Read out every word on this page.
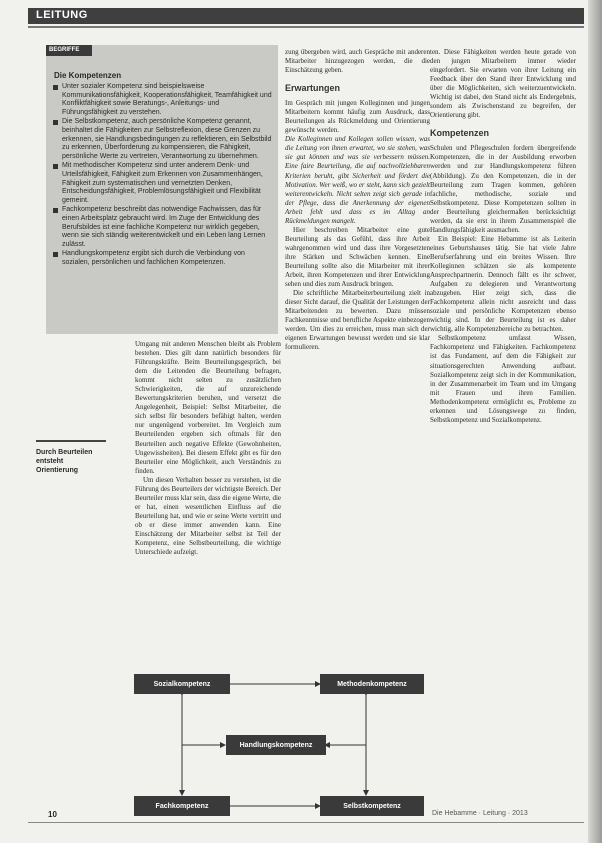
LEITUNG
BEGRIFFE
Die Kompetenzen
Unter sozialer Kompetenz sind beispielsweise Kommunikationsfähigkeit, Kooperationsfähigkeit, Teamfähigkeit und Konfliktfähigkeit sowie Beratungs-, Anleitungs- und Führungsfähigkeit zu verstehen.
Die Selbstkompetenz, auch persönliche Kompetenz genannt, beinhaltet die Fähigkeiten zur Selbstreflexion, diese Grenzen zu erkennen, sie Handlungsbedingungen zu reflektieren, ein Selbstbild zu erkennen, Überforderung zu kompensieren, die Fähigkeit, persönliche Werte zu vertreten, Verantwortung zu übernehmen.
Mit methodischer Kompetenz sind unter anderem Denk- und Urteilsfähigkeit, Fähigkeit zum Erkennen von Zusammenhängen, Fähigkeit zum systematischen und vernetzten Denken, Entscheidungsfähigkeit, Problemlösungsfähigkeit und Flexibilität gemeint.
Fachkompetenz beschreibt das notwendige Fachwissen, das für einen Arbeitsplatz gebraucht wird. Im Zuge der Entwicklung des Berufsbildes ist eine fachliche Kompetenz nur wirklich gegeben, wenn sie sich ständig weiterentwickelt und ein Leben lang Lernen zulässt.
Handlungskompetenz ergibt sich durch die Verbindung von sozialen, persönlichen und fachlichen Kompetenzen.
Durch Beurteilen entsteht Orientierung

Umgang mit anderen Menschen bleibt als Problem bestehen. Dies gilt dann natürlich besonders für Führungskräfte. Beim Beurteilungsgespräch, bei dem die Leitenden die Beurteilung befragen, kommt nicht selten zu zusätzlichen Schwierigkeiten, die auf unzureichende Bewertungskriterien beruhen, und versetzt die Angelegenheit, Beispiel: Selbst Mitarbeiter, die sich selbst für besonders befähigt halten, werden nur ungenügend vorbereitet. Im Vergleich zum Beurteilenden ergeben sich oftmals für den Beurteilten auch negative Effekte (Gewohnheiten, Ungewissheiten). Bei diesem Effekt gibt es für den Beurteiler eine Möglichkeit, auch Verständnis zu finden.

Um diesen Verhalten besser zu verstehen, ist die Führung des Beurteilers der wichtigste Bereich. Der Beurteiler muss klar sein, dass die eigene Werte, die er hat, einen wesentlichen Einfluss auf die Beurteilung hat, und wie er seine Werte vertritt und ob er diese immer anwenden kann. Eine Einschätzung der Mitarbeiter selbst ist Teil der Kompetenz, eine Selbstbeurteilung, die wichtige Unterschiede aufzeigt.

zung übergeben wird, auch Gespräche mit anderen Mitarbeiter hinzugezogen werden, die die Einschätzung geben.

Erwartungen

Im Gespräch mit jungen Kolleginnen und jungen Mitarbeitern kommt häufig zum Ausdruck, dass Beurteilungen als Rückmeldung und Orientierung gewünscht werden.

Die Kolleginnen und Kollegen sollen wissen, was die Leitung von ihnen erwartet, wo sie stehen, was sie gut können und was sie verbessern müssen. Eine faire Beurteilung, die auf nachvollziehbaren Kriterien beruht, gibt Sicherheit und fördert die Motivation. Wer weiß, wo er steht, kann sich gezielt weiterentwickeln. Nicht selten zeigt sich gerade in der Pflege, dass die Anerkennung der eigenen Arbeit fehlt und dass es im Alltag an Rückmeldungen mangelt.

Hier beschreiben Mitarbeiter eine gute Beurteilung als das Gefühl, dass ihre Arbeit wahrgenommen wird und dass ihre Vorgesetzten ihre Stärken und Schwächen kennen. Eine Beurteilung sollte also die Mitarbeiter mit ihrer Arbeit, ihren Kompetenzen und ihrer Entwicklung sehen und dies zum Ausdruck bringen.

Die schriftliche Mitarbeiterbeurteilung zielt in dieser Sicht darauf, die Qualität der Leistungen der Mitarbeitenden zu bewerten. Dazu müssen Fachkenntnisse und berufliche Aspekte einbezogen werden. Um dies zu erreichen, muss man sich der eigenen Erwartungen bewusst werden und sie klar formulieren.

ten. Diese Fähigkeiten werden heute gerade von den jungen Mitarbeitern immer wieder eingefordert. Sie erwarten von ihrer Leitung ein Feedback über den Stand ihrer Entwicklung und über die Möglichkeiten, sich weiterzuentwickeln. Wichtig ist dabei, den Stand nicht als Endergebnis, sondern als Zwischenstand zu begreifen, der Orientierung gibt.

Kompetenzen

Schulen und Pflegeschulen fordern übergreifende Kompetenzen, die in der Ausbildung erworben werden und zur Handlungskompetenz führen (Abbildung). Zu den Kompetenzen, die in der Beurteilung zum Tragen kommen, gehören fachliche, methodische, soziale und Selbstkompetenz. Diese Kompetenzen sollten in der Beurteilung gleichermaßen berücksichtigt werden, da sie erst in ihrem Zusammenspiel die Handlungsfähigkeit ausmachen.

Ein Beispiel: Eine Hebamme ist als Leiterin eines Geburtshauses tätig. Sie hat viele Jahre Berufserfahrung und ein breites Wissen. Ihre Kolleginnen schätzen sie als kompetente Ansprechpartnerin. Dennoch fällt es ihr schwer, Aufgaben zu delegieren und Verantwortung abzugeben. Hier zeigt sich, dass die Fachkompetenz allein nicht ausreicht und dass soziale und persönliche Kompetenzen ebenso wichtig sind. In der Beurteilung ist es daher wichtig, alle Kompetenzbereiche zu betrachten.

Selbstkompetenz umfasst Wissen, Fachkompetenz und Fähigkeiten. Fachkompetenz ist das Fundament, auf dem die Fähigkeit zur situationsgerechten Anwendung aufbaut. Sozialkompetenz zeigt sich in der Kommunikation, in der Zusammenarbeit im Team und im Umgang mit Frauen und ihren Familien. Methodenkompetenz ermöglicht es, Probleme zu erkennen und Lösungswege zu finden, Selbstkompetenz und Sozialkompetenz.

Sozialkompetenz	Methodenkompetenz
Handlungskompetenz
Fachkompetenz	Selbstkompetenz
10	Die Hebamme · Leitung · 2013
